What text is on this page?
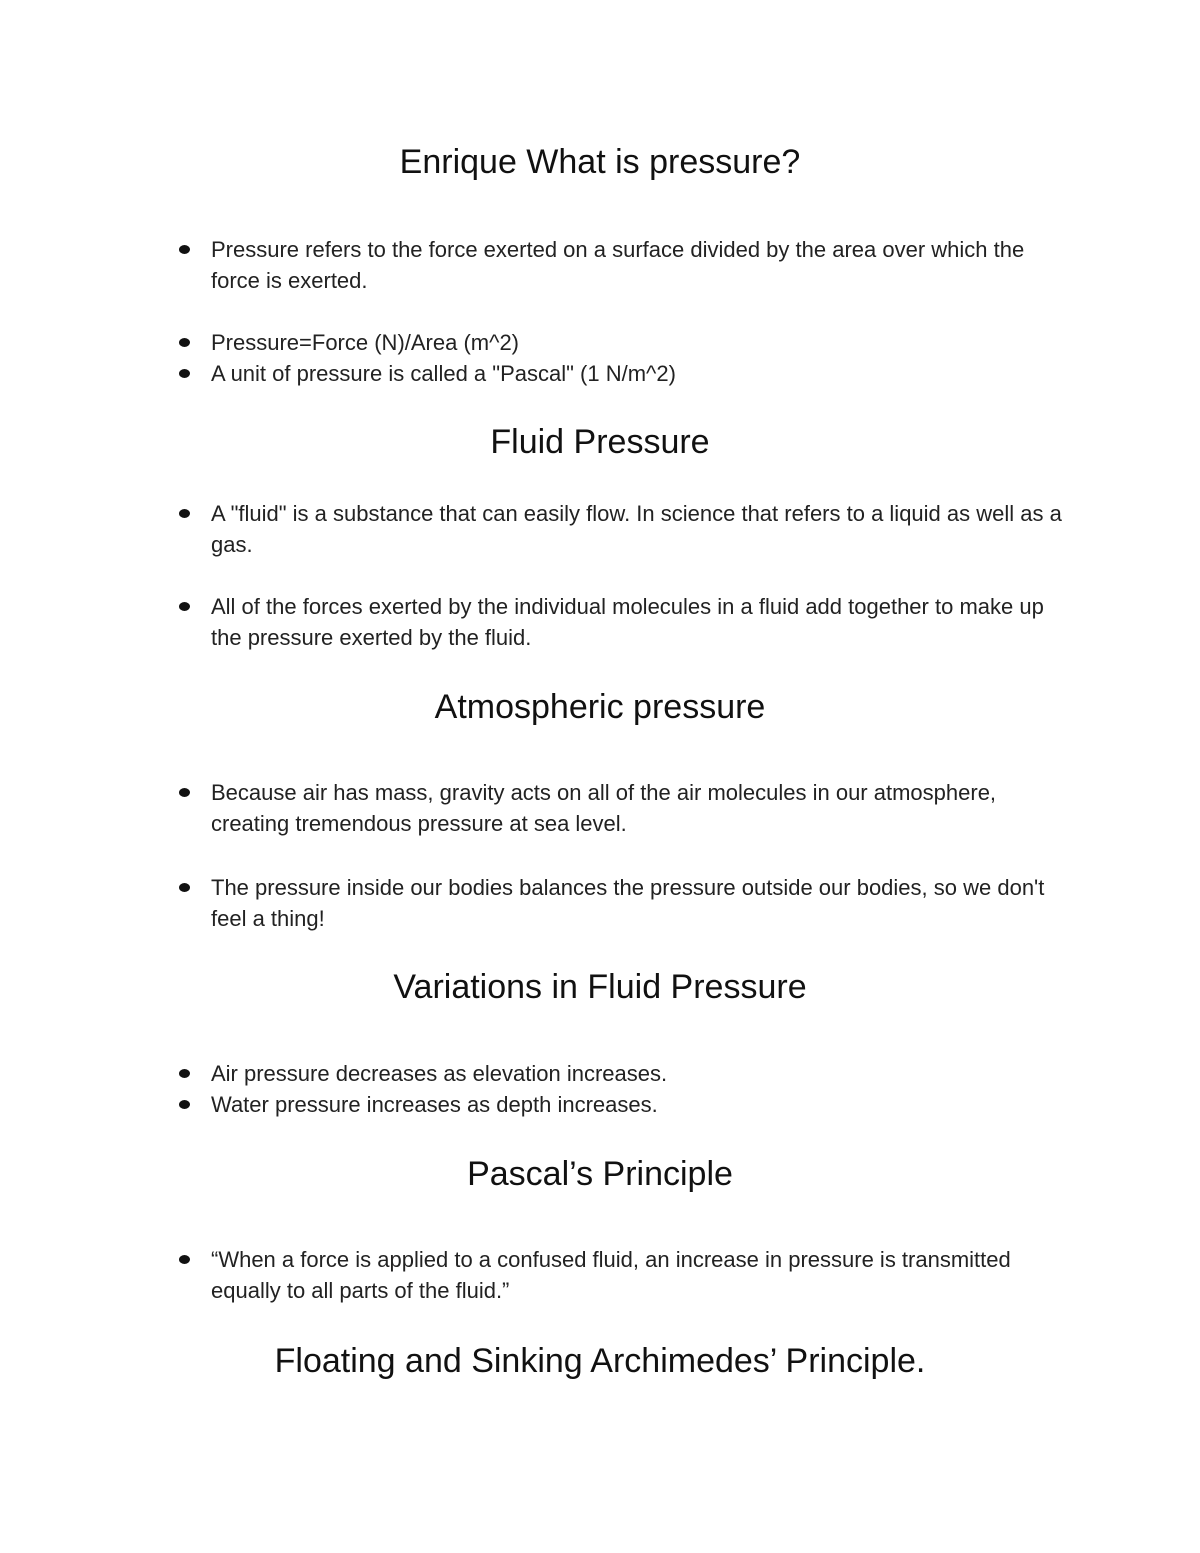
Enrique What is pressure?
Pressure refers to the force exerted on a surface divided by the area over which the force is exerted.
Pressure=Force (N)/Area (m^2)
A unit of pressure is called a "Pascal" (1 N/m^2)
Fluid Pressure
A "fluid" is a substance that can easily flow. In science that refers to a liquid as well as a gas.
All of the forces exerted by the individual molecules in a fluid add together to make up the pressure exerted by the fluid.
Atmospheric pressure
Because air has mass, gravity acts on all of the air molecules in our atmosphere, creating tremendous pressure at sea level.
The pressure inside our bodies balances the pressure outside our bodies, so we don't feel a thing!
Variations in Fluid Pressure
Air pressure decreases as elevation increases.
Water pressure increases as depth increases.
Pascal’s Principle
“When a force is applied to a confused fluid, an increase in pressure is transmitted equally to all parts of the fluid.”
Floating and Sinking Archimedes’ Principle.
